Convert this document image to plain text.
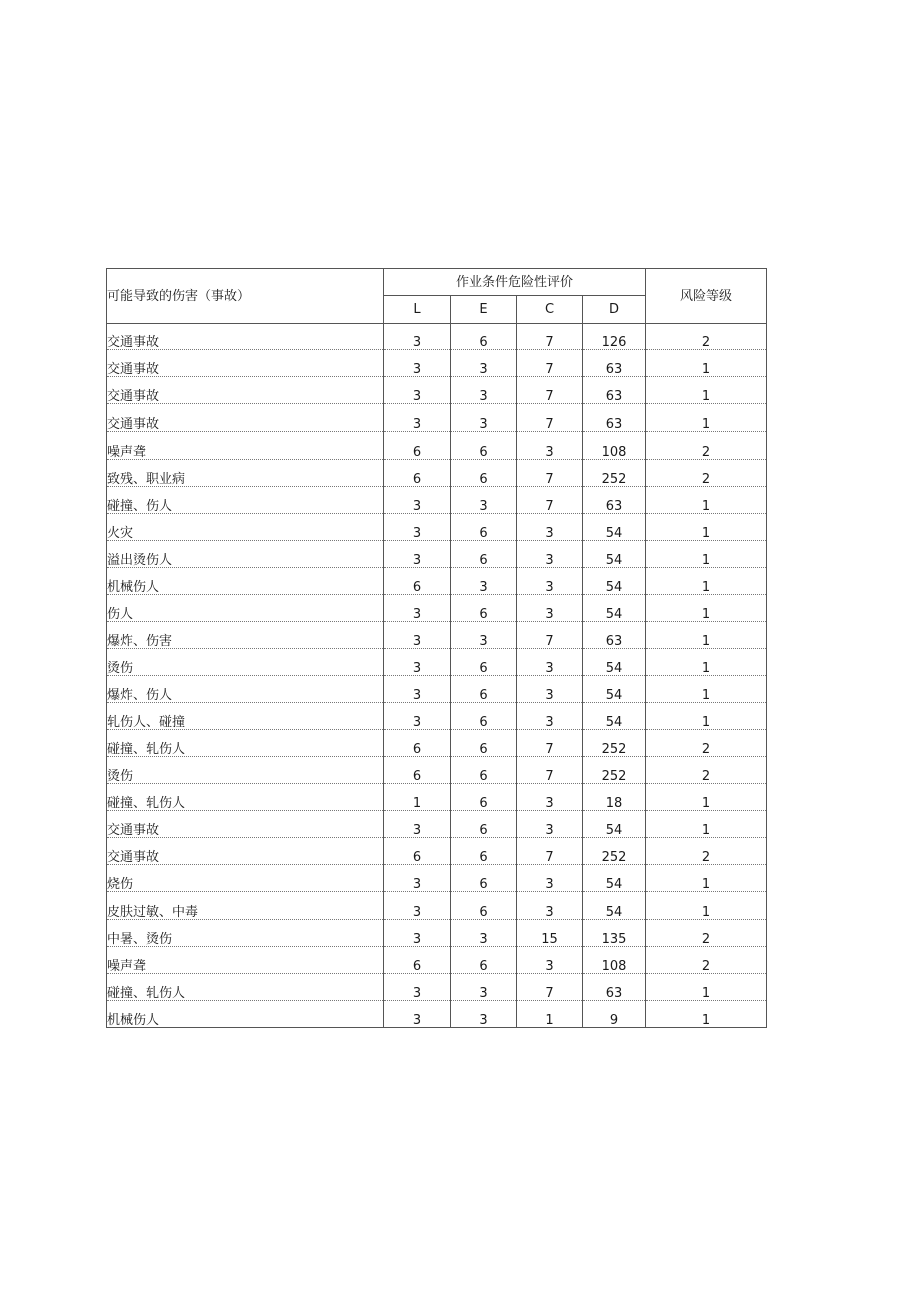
可能导致的伤害（事故）	作业条件危险性评价				风险等级
	L	E	C	D	
交通事故	3	6	7	126	2
交通事故	3	3	7	63	1
交通事故	3	3	7	63	1
交通事故	3	3	7	63	1
噪声聋	6	6	3	108	2
致残、职业病	6	6	7	252	2
碰撞、伤人	3	3	7	63	1
火灾	3	6	3	54	1
溢出烫伤人	3	6	3	54	1
机械伤人	6	3	3	54	1
伤人	3	6	3	54	1
爆炸、伤害	3	3	7	63	1
烫伤	3	6	3	54	1
爆炸、伤人	3	6	3	54	1
轧伤人、碰撞	3	6	3	54	1
碰撞、轧伤人	6	6	7	252	2
烫伤	6	6	7	252	2
碰撞、轧伤人	1	6	3	18	1
交通事故	3	6	3	54	1
交通事故	6	6	7	252	2
烧伤	3	6	3	54	1
皮肤过敏、中毒	3	6	3	54	1
中暑、烫伤	3	3	15	135	2
噪声聋	6	6	3	108	2
碰撞、轧伤人	3	3	7	63	1
机械伤人	3	3	1	9	1
